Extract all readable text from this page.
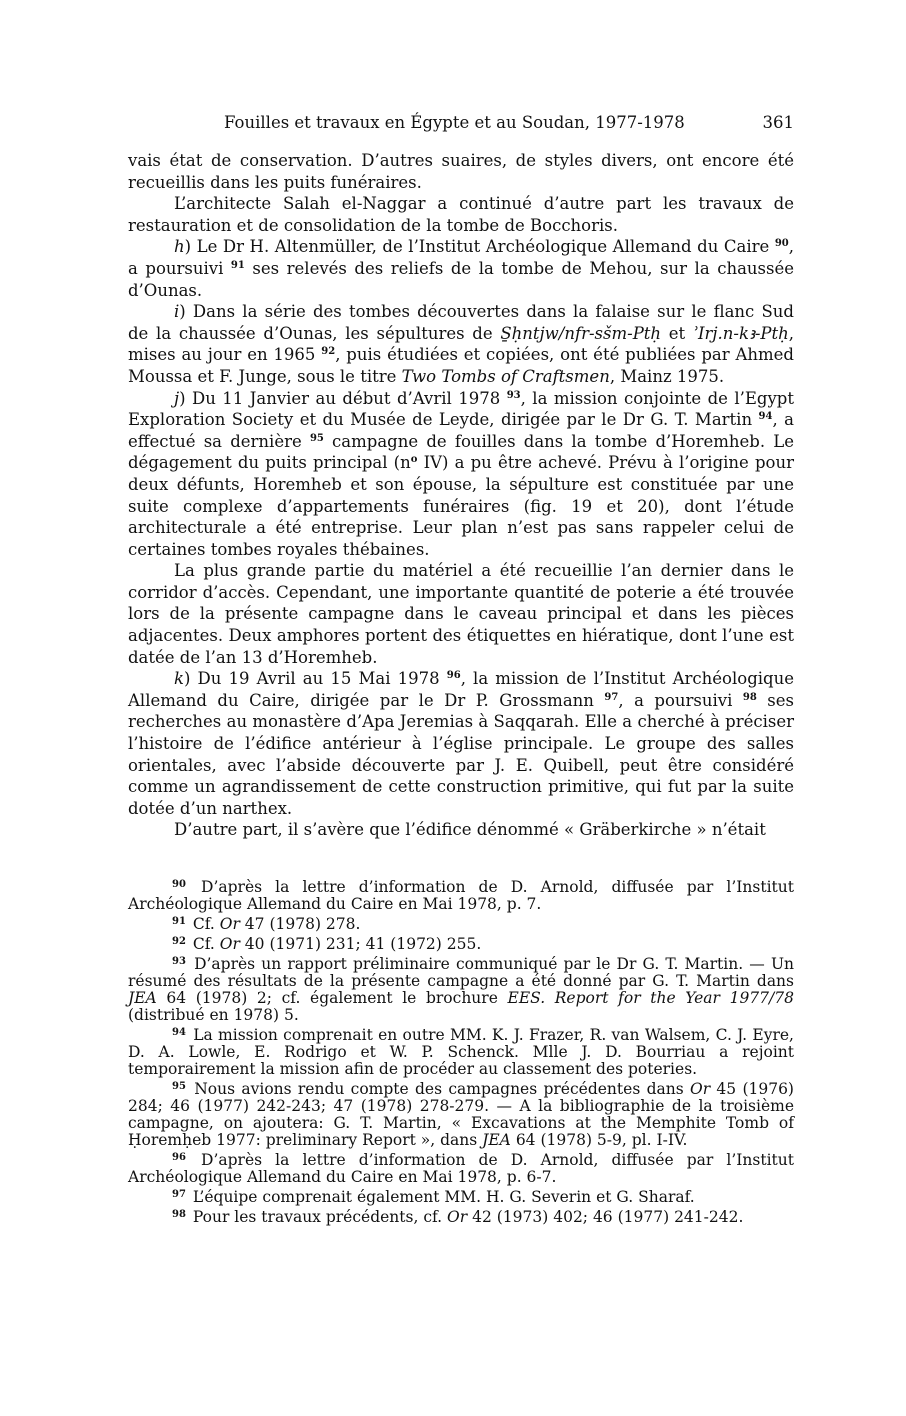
Fouilles et travaux en Égypte et au Soudan, 1977-1978	361

vais état de conservation. D’autres suaires, de styles divers, ont encore été recueillis dans les puits funéraires.

L’architecte Salah el-Naggar a continué d’autre part les travaux de restauration et de consolidation de la tombe de Bocchoris.

h) Le Dr H. Altenmüller, de l’Institut Archéologique Allemand du Caire $^{90}$, a poursuivi $^{91}$ ses relevés des reliefs de la tombe de Mehou, sur la chaussée d’Ounas.

i) Dans la série des tombes découvertes dans la falaise sur le flanc Sud de la chaussée d’Ounas, les sépultures de S̱ḥntjw/nfr-sšm-Ptḥ et ʾIrj.n-kꜣ-Ptḥ, mises au jour en 1965 $^{92}$, puis étudiées et copiées, ont été publiées par Ahmed Moussa et F. Junge, sous le titre Two Tombs of Craftsmen, Mainz 1975.

j) Du 11 Janvier au début d’Avril 1978 $^{93}$, la mission conjointe de l’Egypt Exploration Society et du Musée de Leyde, dirigée par le Dr G. T. Martin $^{94}$, a effectué sa dernière $^{95}$ campagne de fouilles dans la tombe d’Horemheb. Le dégagement du puits principal ($n^o$ IV) a pu être achevé. Prévu à l’origine pour deux défunts, Horemheb et son épouse, la sépulture est constituée par une suite complexe d’appartements funéraires (fig. 19 et 20), dont l’étude architecturale a été entreprise. Leur plan n’est pas sans rappeler celui de certaines tombes royales thébaines.

La plus grande partie du matériel a été recueillie l’an dernier dans le corridor d’accès. Cependant, une importante quantité de poterie a été trouvée lors de la présente campagne dans le caveau principal et dans les pièces adjacentes. Deux amphores portent des étiquettes en hiératique, dont l’une est datée de l’an 13 d’Horemheb.

k) Du 19 Avril au 15 Mai 1978 $^{96}$, la mission de l’Institut Archéologique Allemand du Caire, dirigée par le Dr P. Grossmann $^{97}$, a poursuivi $^{98}$ ses recherches au monastère d’Apa Jeremias à Saqqarah. Elle a cherché à préciser l’histoire de l’édifice antérieur à l’église principale. Le groupe des salles orientales, avec l’abside découverte par J. E. Quibell, peut être considéré comme un agrandissement de cette construction primitive, qui fut par la suite dotée d’un narthex.

D’autre part, il s’avère que l’édifice dénommé « Gräberkirche » n’était

$^{90}$ D’après la lettre d’information de D. Arnold, diffusée par l’Institut Archéologique Allemand du Caire en Mai 1978, p. 7.

$^{91}$ Cf. Or 47 (1978) 278.

$^{92}$ Cf. Or 40 (1971) 231; 41 (1972) 255.

$^{93}$ D’après un rapport préliminaire communiqué par le Dr G. T. Martin. — Un résumé des résultats de la présente campagne a été donné par G. T. Martin dans JEA 64 (1978) 2; cf. également le brochure EES. Report for the Year 1977/78 (distribué en 1978) 5.

$^{94}$ La mission comprenait en outre MM. K. J. Frazer, R. van Walsem, C. J. Eyre, D. A. Lowle, E. Rodrigo et W. P. Schenck. Mlle J. D. Bourriau a rejoint temporairement la mission afin de procéder au classement des poteries.

$^{95}$ Nous avions rendu compte des campagnes précédentes dans Or 45 (1976) 284; 46 (1977) 242-243; 47 (1978) 278-279. — A la bibliographie de la troisième campagne, on ajoutera: G. T. Martin, « Excavations at the Memphite Tomb of Ḥoremḥeb 1977: preliminary Report », dans JEA 64 (1978) 5-9, pl. I-IV.

$^{96}$ D’après la lettre d’information de D. Arnold, diffusée par l’Institut Archéologique Allemand du Caire en Mai 1978, p. 6-7.

$^{97}$ L’équipe comprenait également MM. H. G. Severin et G. Sharaf.

$^{98}$ Pour les travaux précédents, cf. Or 42 (1973) 402; 46 (1977) 241-242.
